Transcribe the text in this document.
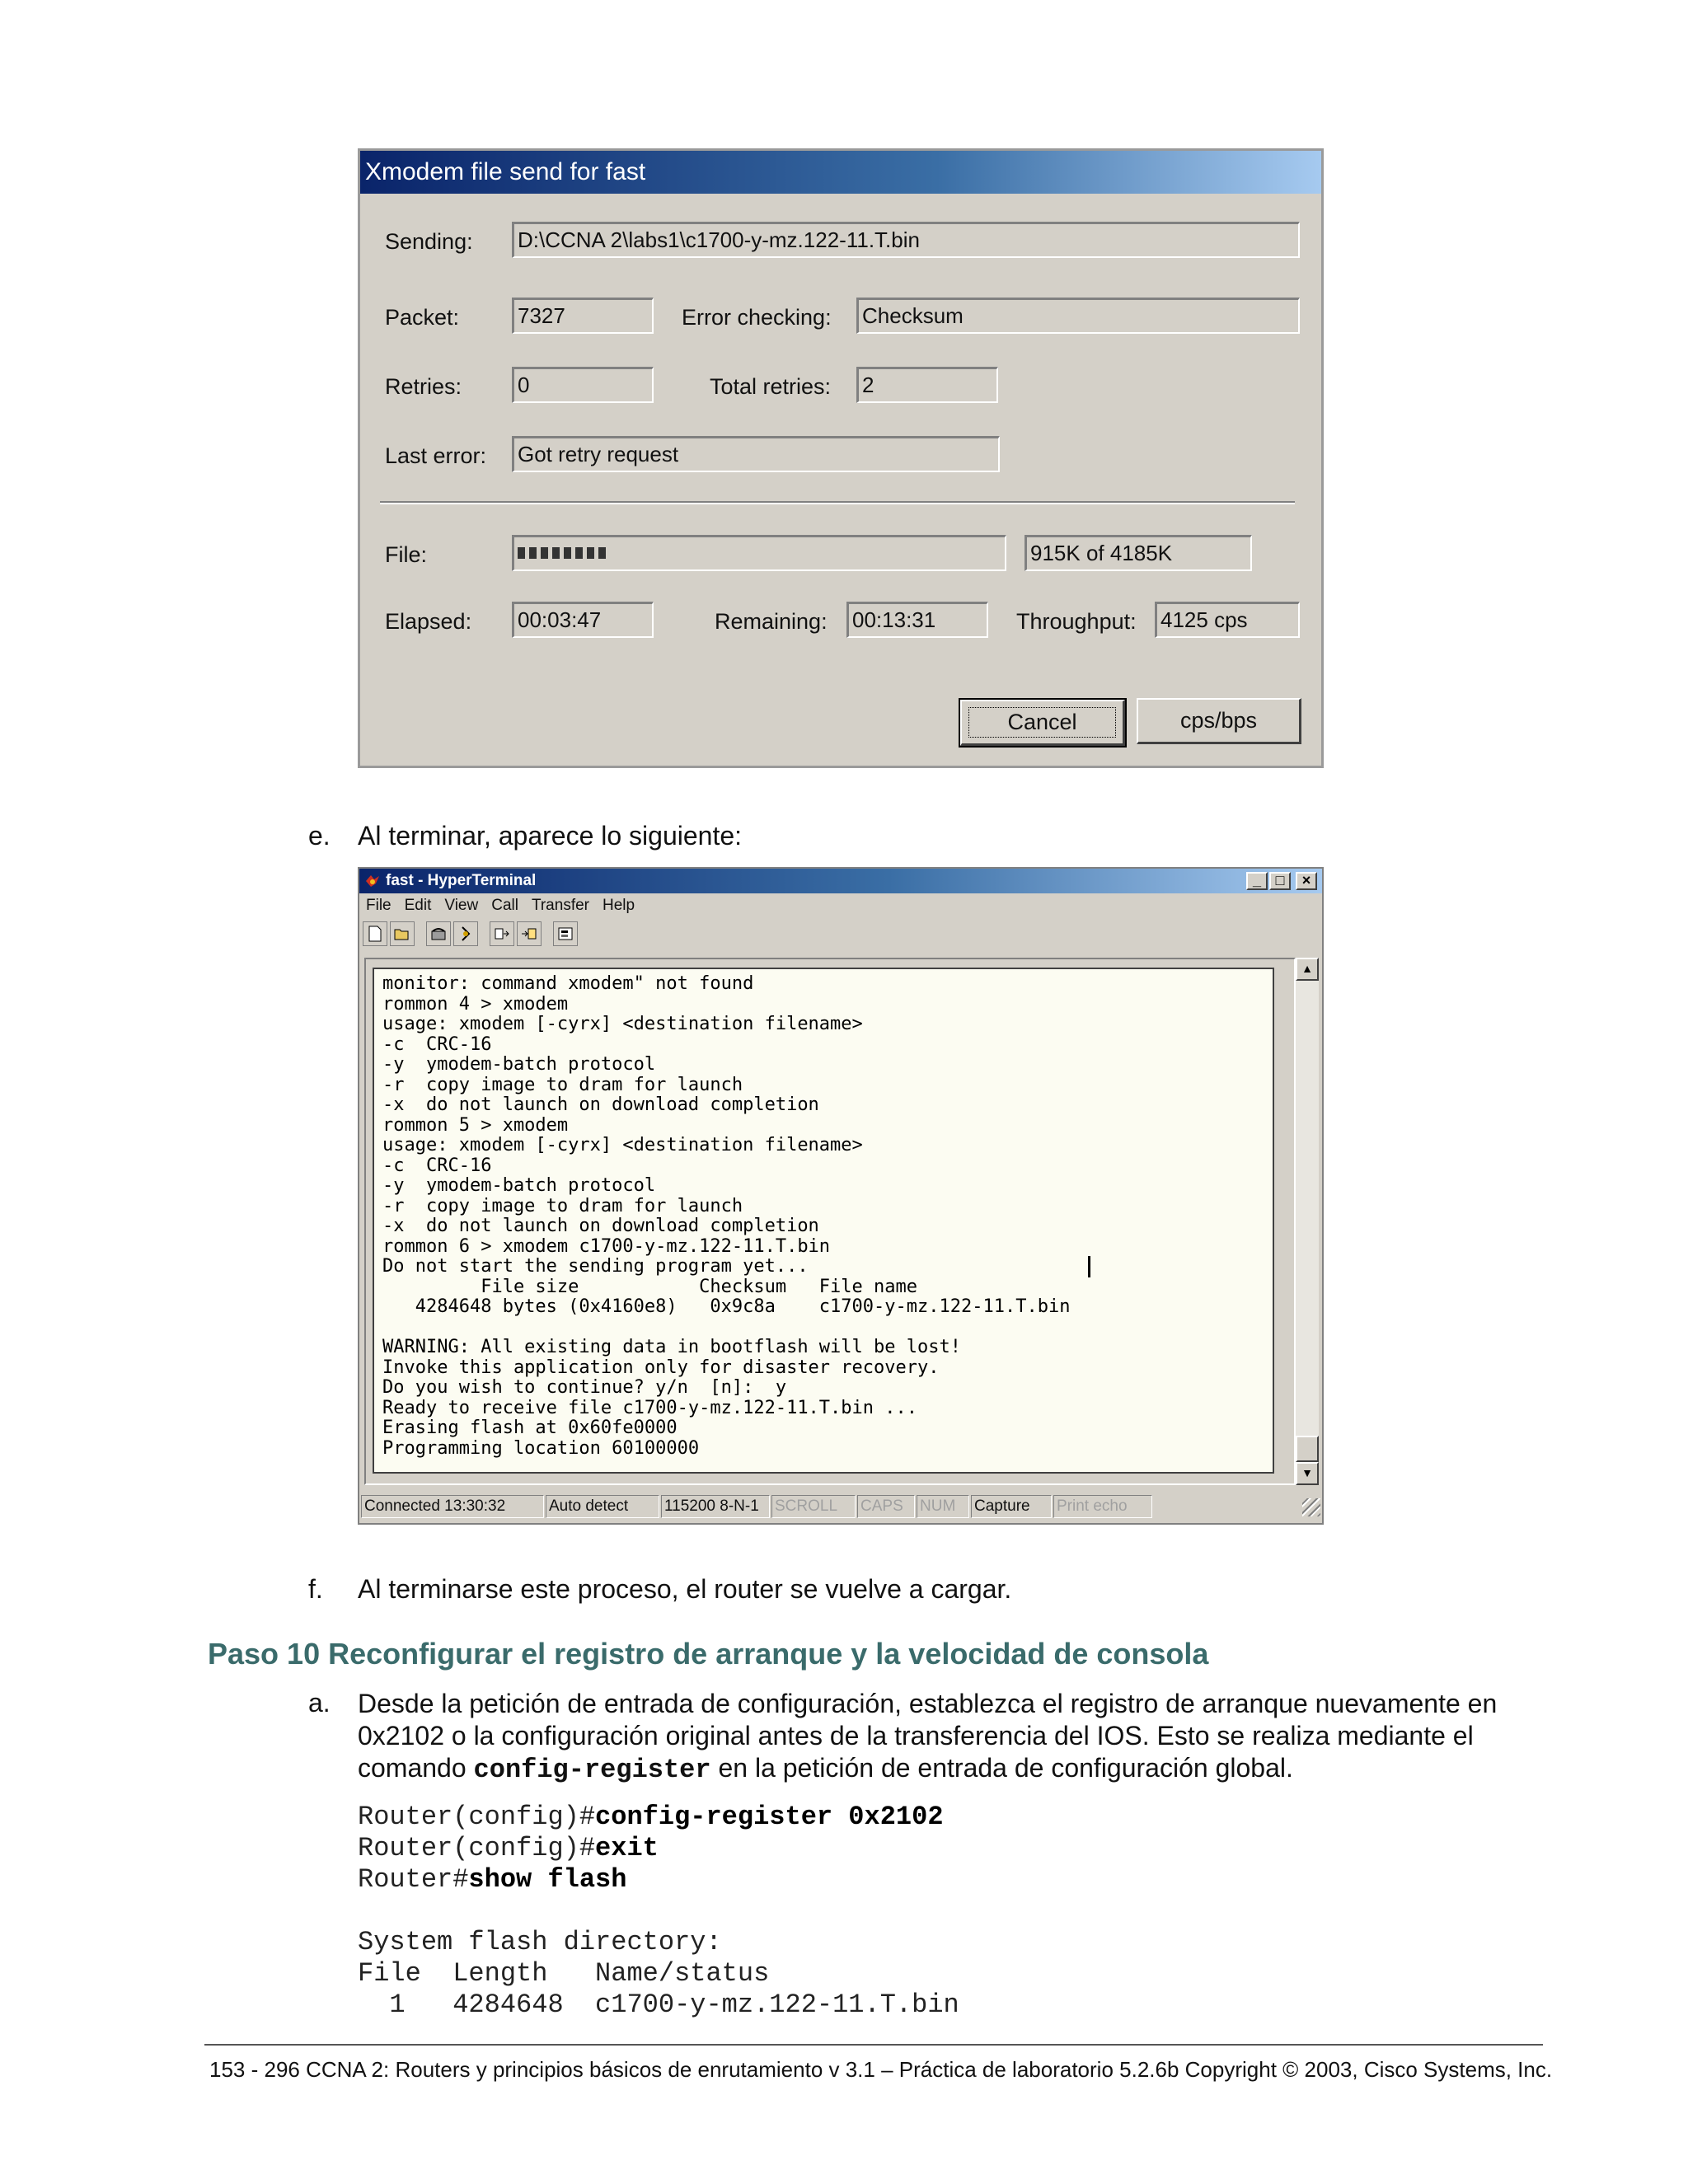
Xmodem file send for fast
Sending: D:\CCNA 2\labs1\c1700-y-mz.122-11.T.bin
Packet:	7327	Error checking: Checksum
Retries:	0	Total retries: 2
Last error: Got retry request
File:	915K of 4185K
Elapsed: 00:03:47	Remaining: 00:13:31	Throughput: 4125 cps
Cancel	cps/bps
e. Al terminar, aparece lo siguiente:
fast - HyperTerminal	_ □	×
File Edit View Call Transfer Help
monitor: command xmodem" not found
rommon 4 > xmodem
usage: xmodem [-cyrx] <destination filename>
-c  CRC-16
-y  ymodem-batch protocol
-r  copy image to dram for launch
-x  do not launch on download completion
rommon 5 > xmodem
usage: xmodem [-cyrx] <destination filename>
-c  CRC-16
-y  ymodem-batch protocol
-r  copy image to dram for launch
-x  do not launch on download completion
rommon 6 > xmodem c1700-y-mz.122-11.T.bin
Do not start the sending program yet...
File size           Checksum   File name
4284648 bytes (0x4160e8)   0x9c8a    c1700-y-mz.122-11.T.bin

WARNING: All existing data in bootflash will be lost!
Invoke this application only for disaster recovery.
Do you wish to continue? y/n  [n]:  y
Ready to receive file c1700-y-mz.122-11.T.bin ...
Erasing flash at 0x60fe0000
Programming location 60100000
▲
▼
Connected 13:30:32	Auto detect	115200 8-N-1	SCROLL	CAPS	NUM	Capture	Print echo
f. Al terminarse este proceso, el router se vuelve a cargar.
Paso 10 Reconfigurar el registro de arranque y la velocidad de consola
a. Desde la petición de entrada de configuración, establezca el registro de arranque nuevamente en 0x2102 o la configuración original antes de la transferencia del IOS. Esto se realiza mediante el comando config-register en la petición de entrada de configuración global.
Router(config)#config-register 0x2102
Router(config)#exit
Router#show flash
System flash directory:
File  Length   Name/status
1   4284648  c1700-y-mz.122-11.T.bin
153 - 296 CCNA 2: Routers y principios básicos de enrutamiento v 3.1 – Práctica de laboratorio 5.2.6b Copyright © 2003, Cisco Systems, Inc.
